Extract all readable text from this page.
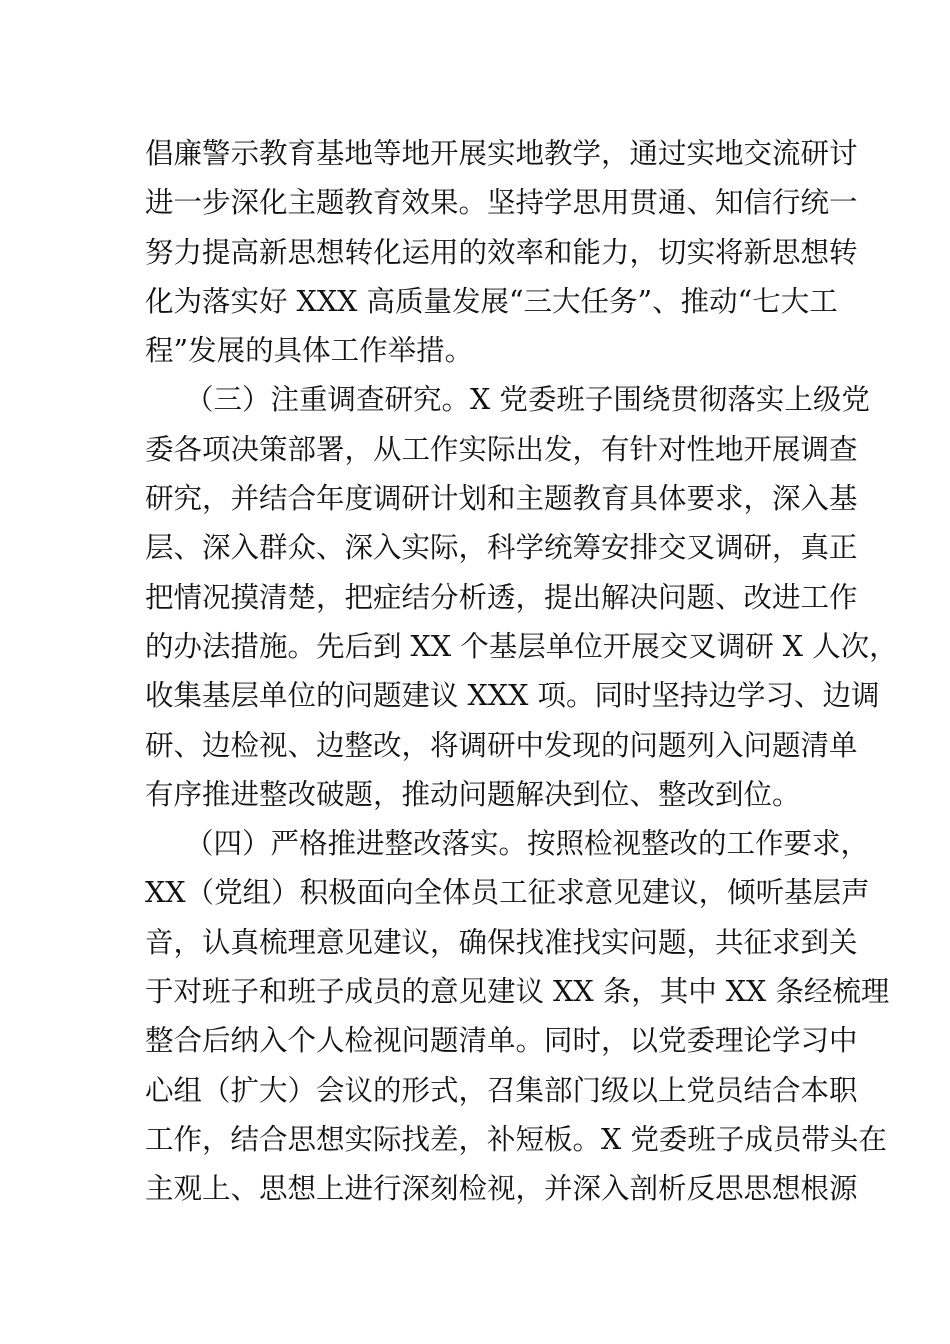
倡廉警示教育基地等地开展实地教学，通过实地交流研讨
进一步深化主题教育效果。坚持学思用贯通、知信行统一
努力提高新思想转化运用的效率和能力，切实将新思想转
化为落实好 XXX 高质量发展“三大任务”、推动“七大工
程”发展的具体工作举措。
（三）注重调查研究。X 党委班子围绕贯彻落实上级党
委各项决策部署，从工作实际出发，有针对性地开展调查
研究，并结合年度调研计划和主题教育具体要求，深入基
层、深入群众、深入实际，科学统筹安排交叉调研，真正
把情况摸清楚，把症结分析透，提出解决问题、改进工作
的办法措施。先后到 XX 个基层单位开展交叉调研 X 人次，
收集基层单位的问题建议 XXX 项。同时坚持边学习、边调
研、边检视、边整改，将调研中发现的问题列入问题清单
有序推进整改破题，推动问题解决到位、整改到位。
（四）严格推进整改落实。按照检视整改的工作要求，
XX（党组）积极面向全体员工征求意见建议，倾听基层声
音，认真梳理意见建议，确保找准找实问题，共征求到关
于对班子和班子成员的意见建议 XX 条，其中 XX 条经梳理
整合后纳入个人检视问题清单。同时，以党委理论学习中
心组（扩大）会议的形式，召集部门级以上党员结合本职
工作，结合思想实际找差，补短板。X 党委班子成员带头在
主观上、思想上进行深刻检视，并深入剖析反思思想根源
